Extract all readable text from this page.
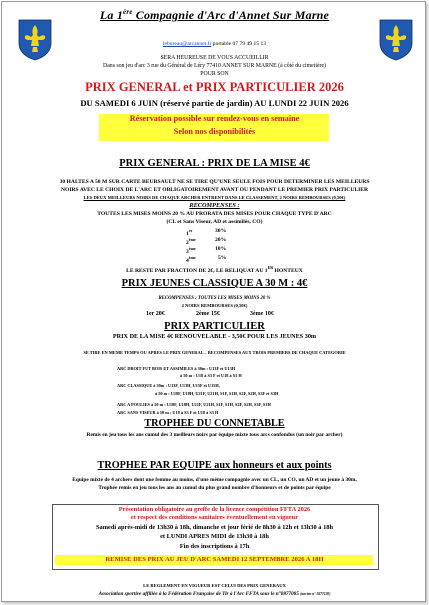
La 1ère Compagnie d'Arc d'Annet Sur Marne
lebureau@arcannet.fr portable 07 79 49 15 13
SERA HEUREUSE DE VOUS ACCUEILLIR
Dans son jeu d'arc 3 rue du Général de Léry 77410 ANNET SUR MARNE (à côté du cimetière)
POUR SON
PRIX GENERAL et PRIX PARTICULIER 2026
DU SAMEDI 6 JUIN (réservé partie de jardin) AU LUNDI 22 JUIN 2026
Réservation possible sur rendez-vous en semaine
Selon nos disponibilités
PRIX GENERAL : PRIX DE LA MISE 4€
30 HALTES A 50 M SUR CARTE BEURSAULT NE SE TIRE QU'UNE SEULE FOIS POUR DETERMINER LES MEILLEURS
NOIRS AVEC LE CHOIX DE L'ARC ET OBLIGATOIREMENT AVANT OU PENDANT LE PREMIER PRIX PARTICULIER
LES DEUX MEILLEURS NOIRS DE CHAQUE ARCHER ENTRENT DANS LE CLASSEMENT, 2 NOIRS REMBOURSES (0,50€)
RECOMPENSES :
TOUTES LES MISES MOINS 20 % AU PRORATA DES MISES POUR CHAQUE TYPE D'ARC
(CL et Sans Viseur, AD et assimilés, CO)
1er	30%
2ème	20%
3ème	10%
4ème	5%
LE RESTE PAR FRACTION DE 2€, LE RELIQUAT AU 1ER HONTEUX
PRIX JEUNES CLASSIQUE A 30 M : 4€
RECOMPENSES : TOUTES LES MISES MOINS 20 %
2 NOIRS REMBOURSES (0,50€)
1er 20€	2ème 15€	3ème 10€
PRIX PARTICULIER
PRIX DE LA MISE 4€ RENOUVELABLE - 3,50€ POUR LES JEUNES 30m
SE TIRE EN MEME TEMPS OU APRES LE PRIX GENERAL – RECOMPENSES AUX TROIS PREMIERS DE CHAQUE CATEGORIE
ARC DROIT FUT BOIS ET ASSIMILES à 30m : U13F et U13H
à 50 m : U18 à S3 F et U18 à S3 H
ARC CLASSIQUE à 30m : U13F, U13H, U15F et U15H,
à 50 m : U18F, U18H, U21F, U21H, S1F, S1H, S2F, S2H, S3F et S3H
ARC A POULIES à 50 m : U18F, U18H, U21F, U21H, S1F, S1H, S2F, S2H, S3F, S3H
ARC SANS VISEUR à 50 m : U18 à S3 F et U18 à S3 H
TROPHEE DU CONNETABLE
Remis en jeu tous les ans cumul des 3 meilleurs noirs par équipe mixte tous arcs confondus (un noir par archer)
TROPHEE PAR EQUIPE aux honneurs et aux points
Equipe mixte de 4 archers dont une femme au moins, d'une même compagnie avec un CL, un CO, un AD et un jeune à 30m,
Trophée remis en jeu tous les ans au cumul du plus grand nombre d'honneurs et de points par équipe
Présentation obligatoire au greffe de la licence compétition FFTA 2026
et respect des conditions sanitaires éventuellement en vigueur
Samedi après-midi de 13h30 à 18h, dimanche et jour férié de 8h30 à 12h et 13h30 à 18h
et LUNDI APRES MIDI de 13h30 à 18h
Fin des inscriptions à 17h
REMISE DES PRIX AU JEU D'ARC SAMEDI 12 SEPTEMBRE 2026 A 18H
LE REGLEMENT EN VIGUEUR EST CELUI DES PRIX GENERAUX
Association sportive affiliée à la Fédération Française de Tir à l'Arc FFTA sous le n°0877085 (ancien n° 2677120)
